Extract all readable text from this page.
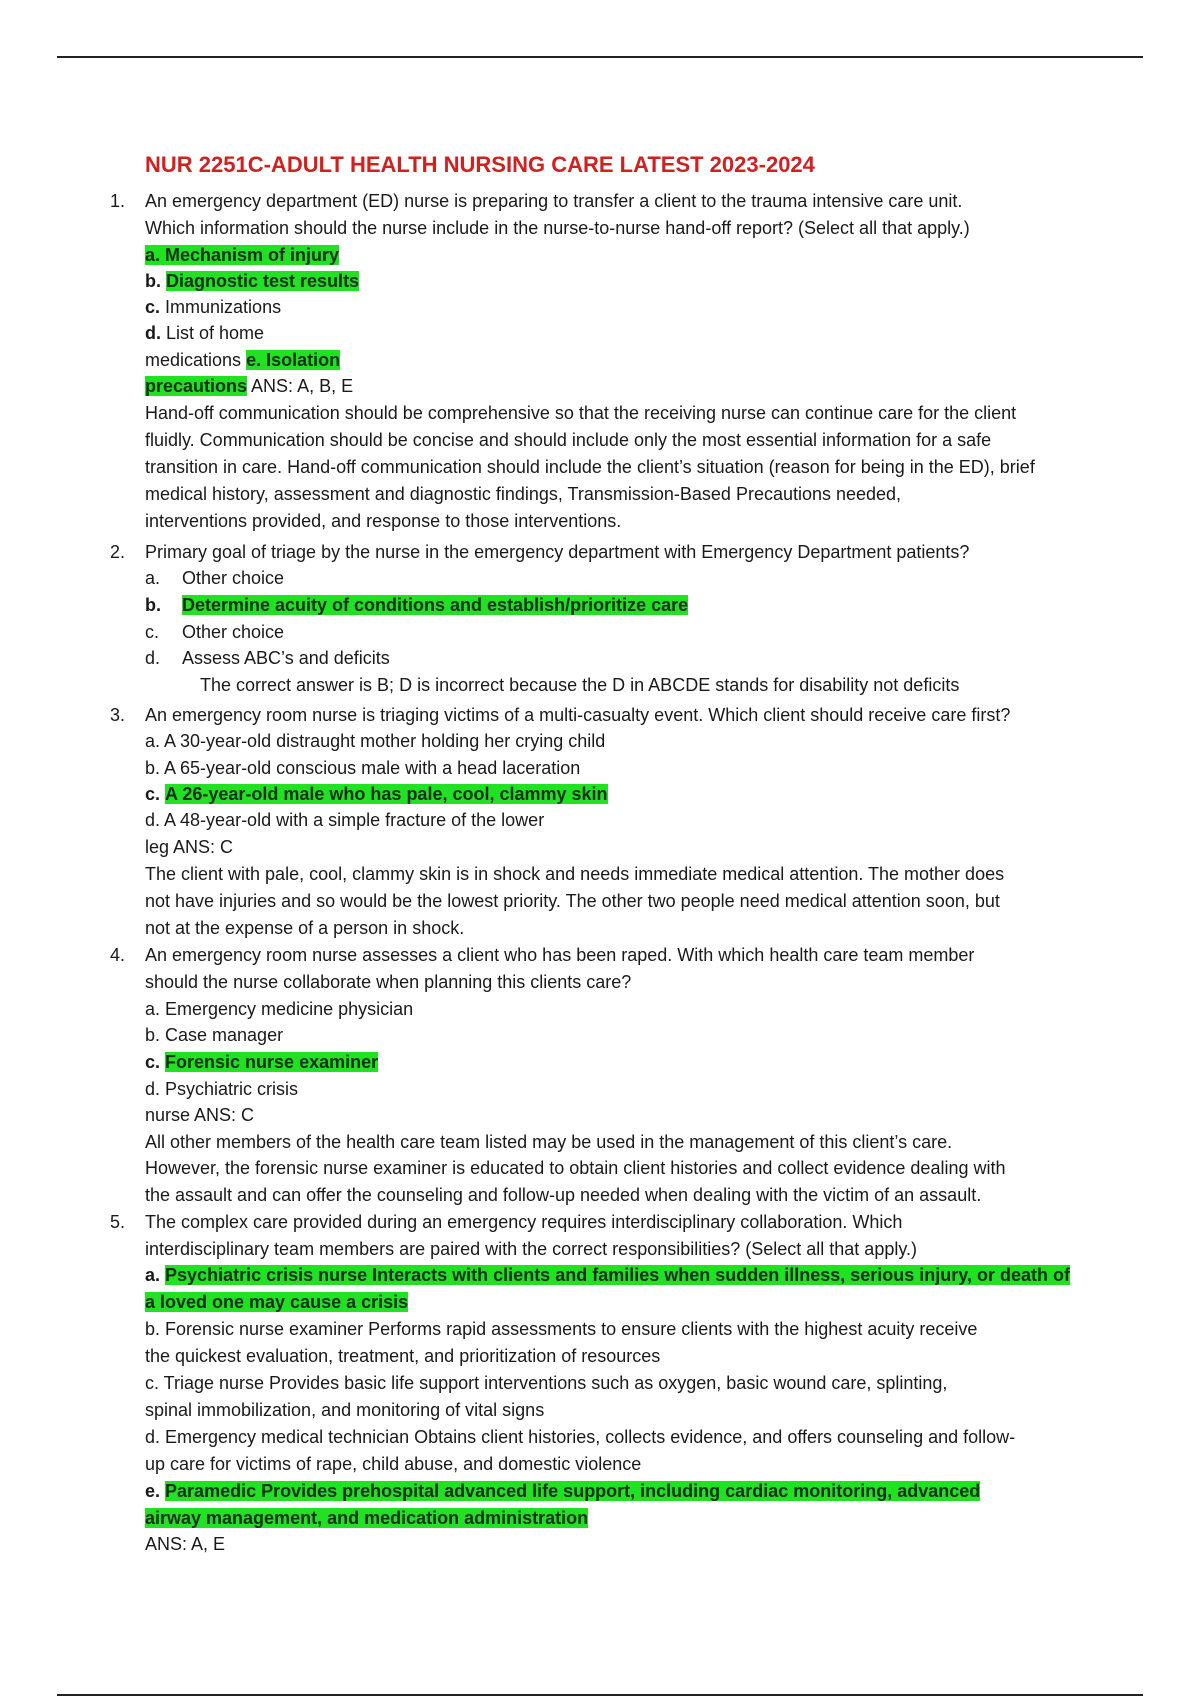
NUR 2251C-ADULT HEALTH NURSING CARE LATEST 2023-2024
1. An emergency department (ED) nurse is preparing to transfer a client to the trauma intensive care unit.
Which information should the nurse include in the nurse-to-nurse hand-off report? (Select all that apply.)
a. Mechanism of injury
b. Diagnostic test results
c. Immunizations
d. List of home
medications e. Isolation
precautions ANS: A, B, E
Hand-off communication should be comprehensive so that the receiving nurse can continue care for the client
fluidly. Communication should be concise and should include only the most essential information for a safe
transition in care. Hand-off communication should include the client’s situation (reason for being in the ED), brief
medical history, assessment and diagnostic findings, Transmission-Based Precautions needed,
interventions provided, and response to those interventions.
2. Primary goal of triage by the nurse in the emergency department with Emergency Department patients?
a. Other choice
b. Determine acuity of conditions and establish/prioritize care
c. Other choice
d. Assess ABC’s and deficits
The correct answer is B; D is incorrect because the D in ABCDE stands for disability not deficits
3. An emergency room nurse is triaging victims of a multi-casualty event. Which client should receive care first?
a. A 30-year-old distraught mother holding her crying child
b. A 65-year-old conscious male with a head laceration
c. A 26-year-old male who has pale, cool, clammy skin
d. A 48-year-old with a simple fracture of the lower
leg ANS: C
The client with pale, cool, clammy skin is in shock and needs immediate medical attention. The mother does
not have injuries and so would be the lowest priority. The other two people need medical attention soon, but
not at the expense of a person in shock.
4. An emergency room nurse assesses a client who has been raped. With which health care team member
should the nurse collaborate when planning this clients care?
a. Emergency medicine physician
b. Case manager
c. Forensic nurse examiner
d. Psychiatric crisis
nurse ANS: C
All other members of the health care team listed may be used in the management of this client’s care.
However, the forensic nurse examiner is educated to obtain client histories and collect evidence dealing with
the assault and can offer the counseling and follow-up needed when dealing with the victim of an assault.
5. The complex care provided during an emergency requires interdisciplinary collaboration. Which
interdisciplinary team members are paired with the correct responsibilities? (Select all that apply.)
a. Psychiatric crisis nurse Interacts with clients and families when sudden illness, serious injury, or death of
a loved one may cause a crisis
b. Forensic nurse examiner Performs rapid assessments to ensure clients with the highest acuity receive
the quickest evaluation, treatment, and prioritization of resources
c. Triage nurse Provides basic life support interventions such as oxygen, basic wound care, splinting,
spinal immobilization, and monitoring of vital signs
d. Emergency medical technician Obtains client histories, collects evidence, and offers counseling and follow-
up care for victims of rape, child abuse, and domestic violence
e. Paramedic Provides prehospital advanced life support, including cardiac monitoring, advanced
airway management, and medication administration
ANS: A, E
